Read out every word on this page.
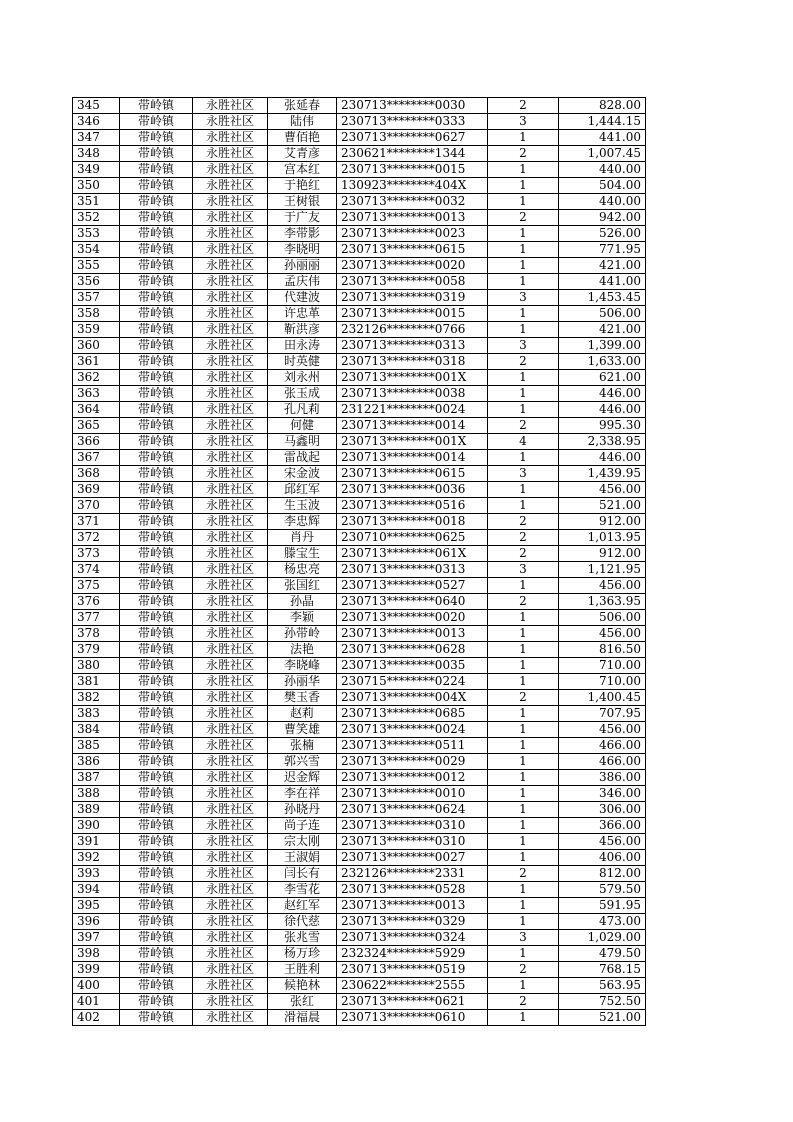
345	带岭镇	永胜社区	张延春	230713********0030	2	828.00
346	带岭镇	永胜社区	陆伟	230713********0333	3	1,444.15
347	带岭镇	永胜社区	曹佰艳	230713********0627	1	441.00
348	带岭镇	永胜社区	艾青彦	230621********1344	2	1,007.45
349	带岭镇	永胜社区	宫本红	230713********0015	1	440.00
350	带岭镇	永胜社区	于艳红	130923********404X	1	504.00
351	带岭镇	永胜社区	王树银	230713********0032	1	440.00
352	带岭镇	永胜社区	于广友	230713********0013	2	942.00
353	带岭镇	永胜社区	李带影	230713********0023	1	526.00
354	带岭镇	永胜社区	李晓明	230713********0615	1	771.95
355	带岭镇	永胜社区	孙丽丽	230713********0020	1	421.00
356	带岭镇	永胜社区	孟庆伟	230713********0058	1	441.00
357	带岭镇	永胜社区	代建波	230713********0319	3	1,453.45
358	带岭镇	永胜社区	许忠革	230713********0015	1	506.00
359	带岭镇	永胜社区	靳洪彦	232126********0766	1	421.00
360	带岭镇	永胜社区	田永涛	230713********0313	3	1,399.00
361	带岭镇	永胜社区	时英健	230713********0318	2	1,633.00
362	带岭镇	永胜社区	刘永州	230713********001X	1	621.00
363	带岭镇	永胜社区	张玉成	230713********0038	1	446.00
364	带岭镇	永胜社区	孔凡莉	231221********0024	1	446.00
365	带岭镇	永胜社区	何健	230713********0014	2	995.30
366	带岭镇	永胜社区	马鑫明	230713********001X	4	2,338.95
367	带岭镇	永胜社区	雷战起	230713********0014	1	446.00
368	带岭镇	永胜社区	宋金波	230713********0615	3	1,439.95
369	带岭镇	永胜社区	邱红军	230713********0036	1	456.00
370	带岭镇	永胜社区	生玉波	230713********0516	1	521.00
371	带岭镇	永胜社区	李忠辉	230713********0018	2	912.00
372	带岭镇	永胜社区	肖丹	230710********0625	2	1,013.95
373	带岭镇	永胜社区	滕宝生	230713********061X	2	912.00
374	带岭镇	永胜社区	杨忠亮	230713********0313	3	1,121.95
375	带岭镇	永胜社区	张国红	230713********0527	1	456.00
376	带岭镇	永胜社区	孙晶	230713********0640	2	1,363.95
377	带岭镇	永胜社区	李颖	230713********0020	1	506.00
378	带岭镇	永胜社区	孙带岭	230713********0013	1	456.00
379	带岭镇	永胜社区	法艳	230713********0628	1	816.50
380	带岭镇	永胜社区	李晓峰	230713********0035	1	710.00
381	带岭镇	永胜社区	孙丽华	230715********0224	1	710.00
382	带岭镇	永胜社区	樊玉香	230713********004X	2	1,400.45
383	带岭镇	永胜社区	赵莉	230713********0685	1	707.95
384	带岭镇	永胜社区	曹笑雄	230713********0024	1	456.00
385	带岭镇	永胜社区	张楠	230713********0511	1	466.00
386	带岭镇	永胜社区	郭兴雪	230713********0029	1	466.00
387	带岭镇	永胜社区	迟金辉	230713********0012	1	386.00
388	带岭镇	永胜社区	李在祥	230713********0010	1	346.00
389	带岭镇	永胜社区	孙晓丹	230713********0624	1	306.00
390	带岭镇	永胜社区	尚子连	230713********0310	1	366.00
391	带岭镇	永胜社区	宗太刚	230713********0310	1	456.00
392	带岭镇	永胜社区	王淑娟	230713********0027	1	406.00
393	带岭镇	永胜社区	闫长有	232126********2331	2	812.00
394	带岭镇	永胜社区	李雪花	230713********0528	1	579.50
395	带岭镇	永胜社区	赵红军	230713********0013	1	591.95
396	带岭镇	永胜社区	徐代慈	230713********0329	1	473.00
397	带岭镇	永胜社区	张兆雪	230713********0324	3	1,029.00
398	带岭镇	永胜社区	杨万珍	232324********5929	1	479.50
399	带岭镇	永胜社区	王胜利	230713********0519	2	768.15
400	带岭镇	永胜社区	候艳林	230622********2555	1	563.95
401	带岭镇	永胜社区	张红	230713********0621	2	752.50
402	带岭镇	永胜社区	滑福晨	230713********0610	1	521.00
